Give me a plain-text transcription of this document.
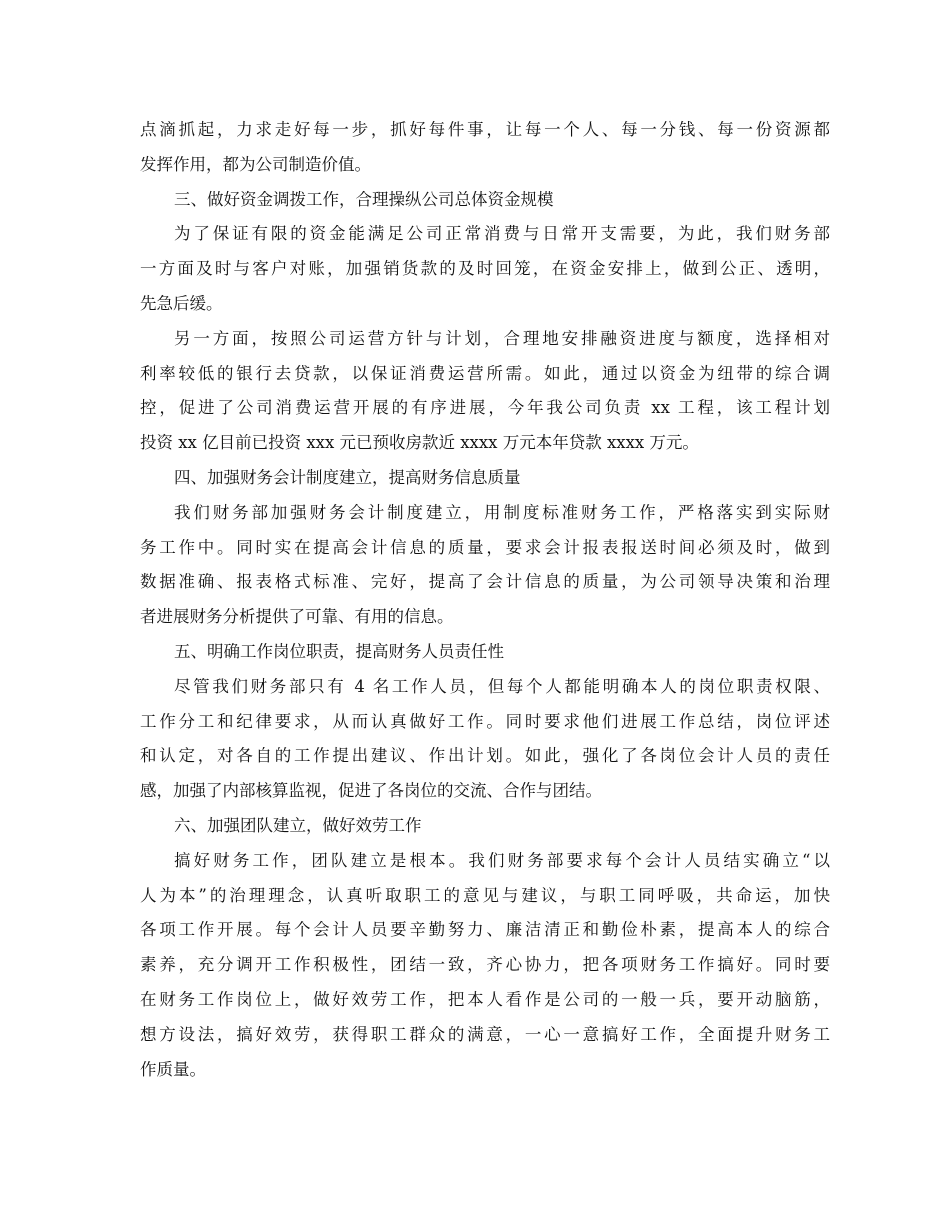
点滴抓起，力求走好每一步，抓好每件事，让每一个人、每一分钱、每一份资源都
发挥作用，都为公司制造价值。
三、做好资金调拨工作，合理操纵公司总体资金规模
为了保证有限的资金能满足公司正常消费与日常开支需要，为此，我们财务部
一方面及时与客户对账，加强销货款的及时回笼，在资金安排上，做到公正、透明，
先急后缓。
另一方面，按照公司运营方针与计划，合理地安排融资进度与额度，选择相对
利率较低的银行去贷款，以保证消费运营所需。如此，通过以资金为纽带的综合调
控，促进了公司消费运营开展的有序进展，今年我公司负责 xx 工程，该工程计划
投资 xx 亿目前已投资 xxx 元已预收房款近 xxxx 万元本年贷款 xxxx 万元。
四、加强财务会计制度建立，提高财务信息质量
我们财务部加强财务会计制度建立，用制度标准财务工作，严格落实到实际财
务工作中。同时实在提高会计信息的质量，要求会计报表报送时间必须及时，做到
数据准确、报表格式标准、完好，提高了会计信息的质量，为公司领导决策和治理
者进展财务分析提供了可靠、有用的信息。
五、明确工作岗位职责，提高财务人员责任性
尽管我们财务部只有 4 名工作人员，但每个人都能明确本人的岗位职责权限、
工作分工和纪律要求，从而认真做好工作。同时要求他们进展工作总结，岗位评述
和认定，对各自的工作提出建议、作出计划。如此，强化了各岗位会计人员的责任
感，加强了内部核算监视，促进了各岗位的交流、合作与团结。
六、加强团队建立，做好效劳工作
搞好财务工作，团队建立是根本。我们财务部要求每个会计人员结实确立“以
人为本”的治理理念，认真听取职工的意见与建议，与职工同呼吸，共命运，加快
各项工作开展。每个会计人员要辛勤努力、廉洁清正和勤俭朴素，提高本人的综合
素养，充分调开工作积极性，团结一致，齐心协力，把各项财务工作搞好。同时要
在财务工作岗位上，做好效劳工作，把本人看作是公司的一般一兵，要开动脑筋，
想方设法，搞好效劳，获得职工群众的满意，一心一意搞好工作，全面提升财务工
作质量。
